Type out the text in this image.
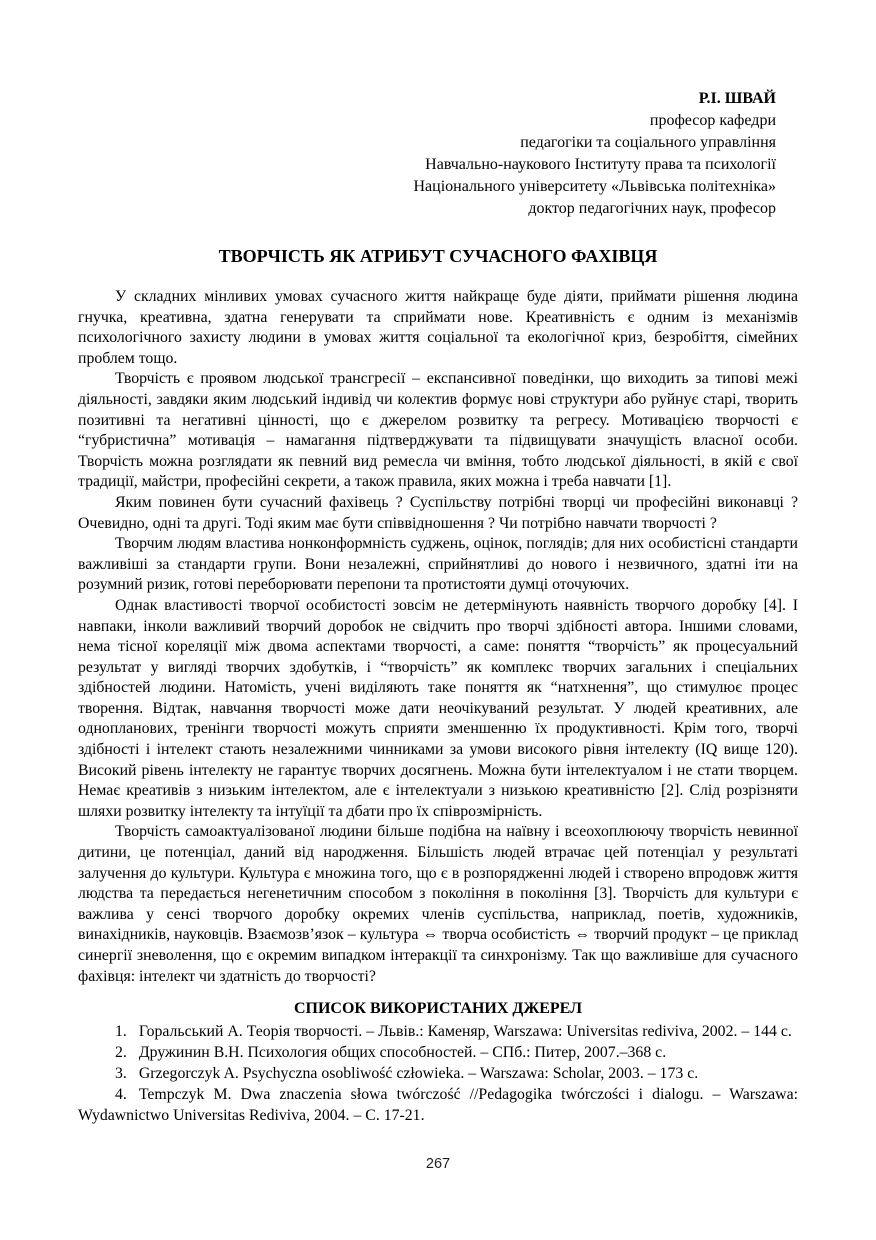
Р.І. ШВАЙ
професор кафедри
педагогіки та соціального управління
Навчально-наукового Інституту права та психології
Національного університету «Львівська політехніка»
доктор педагогічних наук, професор
ТВОРЧІСТЬ ЯК АТРИБУТ СУЧАСНОГО ФАХІВЦЯ

У складних мінливих умовах сучасного життя найкраще буде діяти, приймати рішення людина гнучка, креативна, здатна генерувати та сприймати нове. Креативність є одним із механізмів психологічного захисту людини в умовах життя соціальної та екологічної криз, безробіття, сімейних проблем тощо.

Творчість є проявом людської трансгресії – експансивної поведінки, що виходить за типові межі діяльності, завдяки яким людський індивід чи колектив формує нові структури або руйнує старі, творить позитивні та негативні цінності, що є джерелом розвитку та регресу. Мотивацією творчості є “губристична” мотивація – намагання підтверджувати та підвищувати значущість власної особи. Творчість можна розглядати як певний вид ремесла чи вміння, тобто людської діяльності, в якій є свої традиції, майстри, професійні секрети, а також правила, яких можна і треба навчати [1].

Яким повинен бути сучасний фахівець ? Суспільству потрібні творці чи професійні виконавці ? Очевидно, одні та другі. Тоді яким має бути співвідношення ? Чи потрібно навчати творчості ?

Творчим людям властива нонконформність суджень, оцінок, поглядів; для них особистісні стандарти важливіші за стандарти групи. Вони незалежні, сприйнятливі до нового і незвичного, здатні іти на розумний ризик, готові переборювати перепони та протистояти думці оточуючих.

Однак властивості творчої особистості зовсім не детермінують наявність творчого доробку [4]. І навпаки, інколи важливий творчий доробок не свідчить про творчі здібності автора. Іншими словами, нема тісної кореляції між двома аспектами творчості, а саме: поняття “творчість” як процесуальний результат у вигляді творчих здобутків, і “творчість” як комплекс творчих загальних і спеціальних здібностей людини. Натомість, учені виділяють таке поняття як “натхнення”, що стимулює процес творення. Відтак, навчання творчості може дати неочікуваний результат. У людей креативних, але однопланових, тренінги творчості можуть сприяти зменшенню їх продуктивності. Крім того, творчі здібності і інтелект стають незалежними чинниками за умови високого рівня інтелекту (IQ вище 120). Високий рівень інтелекту не гарантує творчих досягнень. Можна бути інтелектуалом і не стати творцем. Немає креативів з низьким інтелектом, але є інтелектуали з низькою креативністю [2]. Слід розрізняти шляхи розвитку інтелекту та інтуїції та дбати про їх співрозмірність.

Творчість самоактуалізованої людини більше подібна на наївну і всеохоплюючу творчість невинної дитини, це потенціал, даний від народження. Більшість людей втрачає цей потенціал у результаті залучення до культури. Культура є множина того, що є в розпорядженні людей і створено впродовж життя людства та передається негенетичним способом з покоління в покоління [3]. Творчість для культури є важлива у сенсі творчого доробку окремих членів суспільства, наприклад, поетів, художників, винахідників, науковців. Взаємозв’язок – культура ⇔ творча особистість ⇔ творчий продукт – це приклад синергії зневолення, що є окремим випадком інтеракції та синхронізму. Так що важливіше для сучасного фахівця: інтелект чи здатність до творчості?

СПИСОК ВИКОРИСТАНИХ ДЖЕРЕЛ

1. Горальський А. Теорія творчості. – Львів.: Каменяр, Warszawa: Universitas rediviva, 2002. – 144 с.

2. Дружинин В.Н. Психология общих способностей. – СПб.: Питер, 2007.–368 с.

3. Grzegorczyk A. Psychyczna osobliwość człowieka. – Warszawa: Scholar, 2003. – 173 c.

4. Tempczyk M. Dwa znaczenia słowa twórczość //Pedagogika twórczości i dialogu. – Warszawa: Wydawnictwo Universitas Rediviva, 2004. – C. 17-21.

267
